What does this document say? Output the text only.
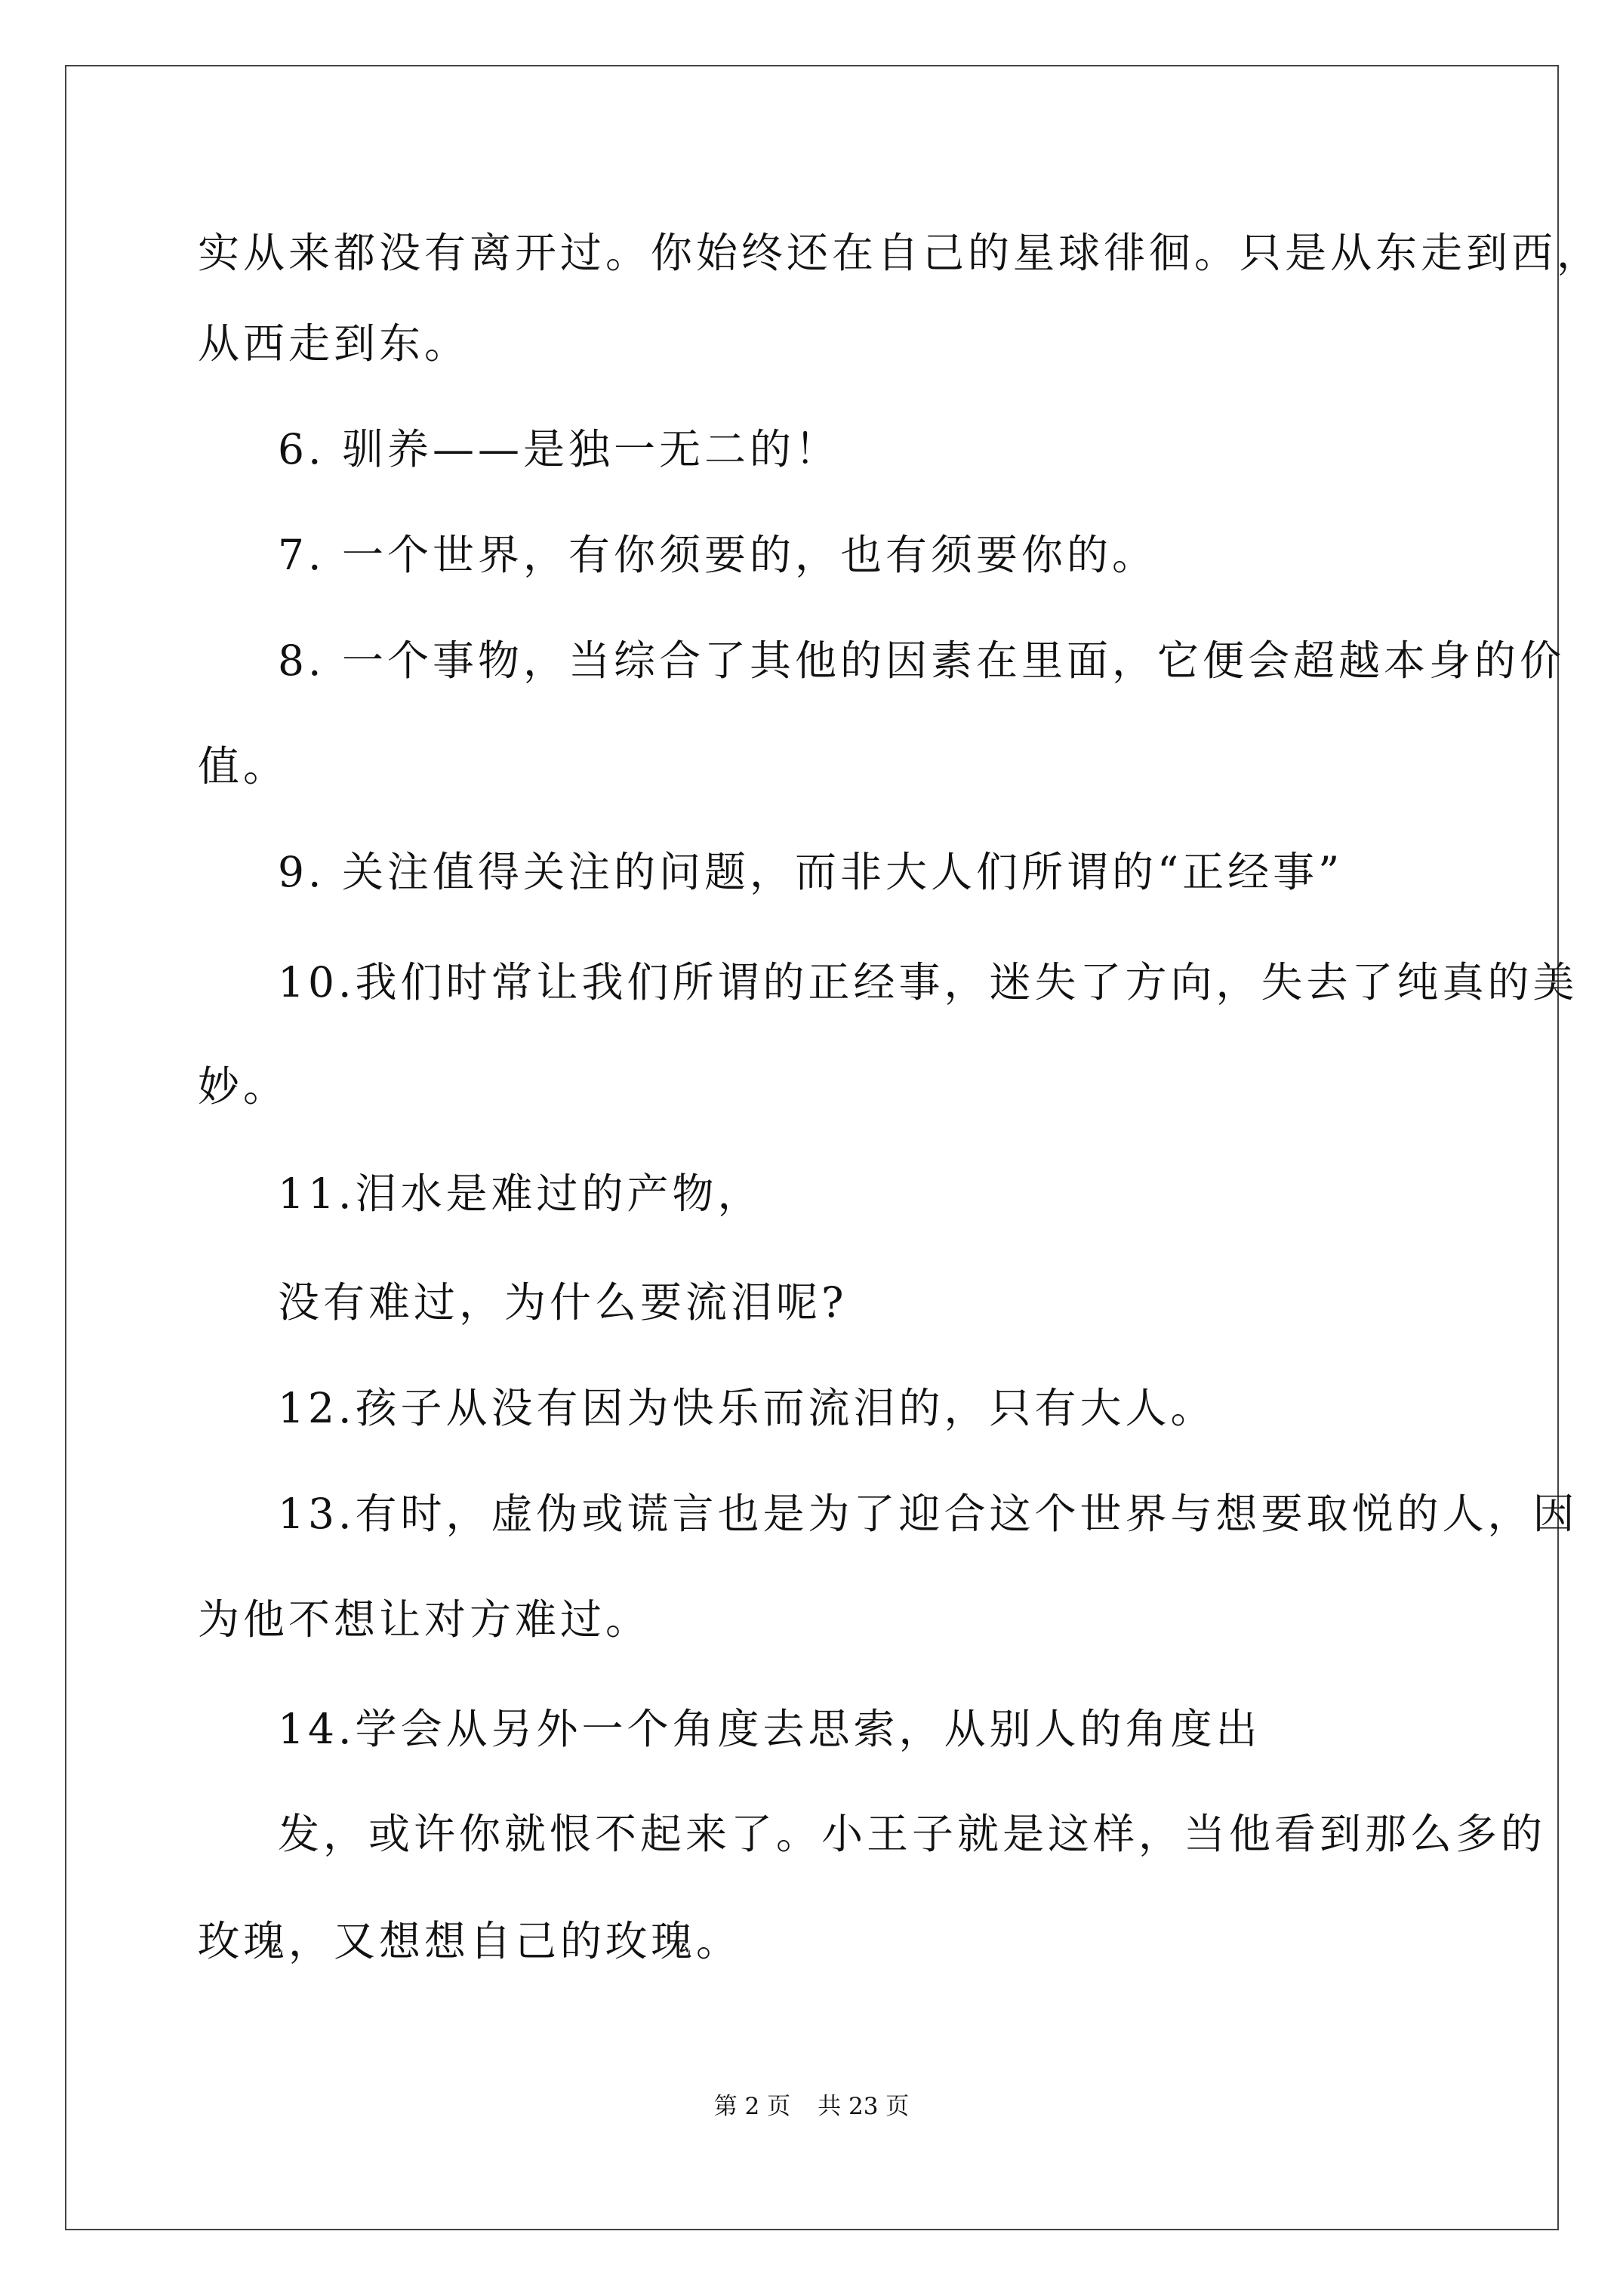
实从来都没有离开过。你始终还在自己的星球徘徊。只是从东走到西，
从西走到东。
6. 驯养——是独一无二的！
7. 一个世界，有你须要的，也有须要你的。
8. 一个事物，当综合了其他的因素在里面，它便会超越本身的价
值。
9. 关注值得关注的问题，而非大人们所谓的“正经事”
10.我们时常让我们所谓的正经事，迷失了方向，失去了纯真的美
妙。
11.泪水是难过的产物，
没有难过，为什么要流泪呢?
12.孩子从没有因为快乐而流泪的，只有大人。
13.有时，虚伪或谎言也是为了迎合这个世界与想要取悦的人，因
为他不想让对方难过。
14.学会从另外一个角度去思索，从别人的角度出
发，或许你就恨不起来了。小王子就是这样，当他看到那么多的
玫瑰，又想想自己的玫瑰。
第 2 页 共 23 页
